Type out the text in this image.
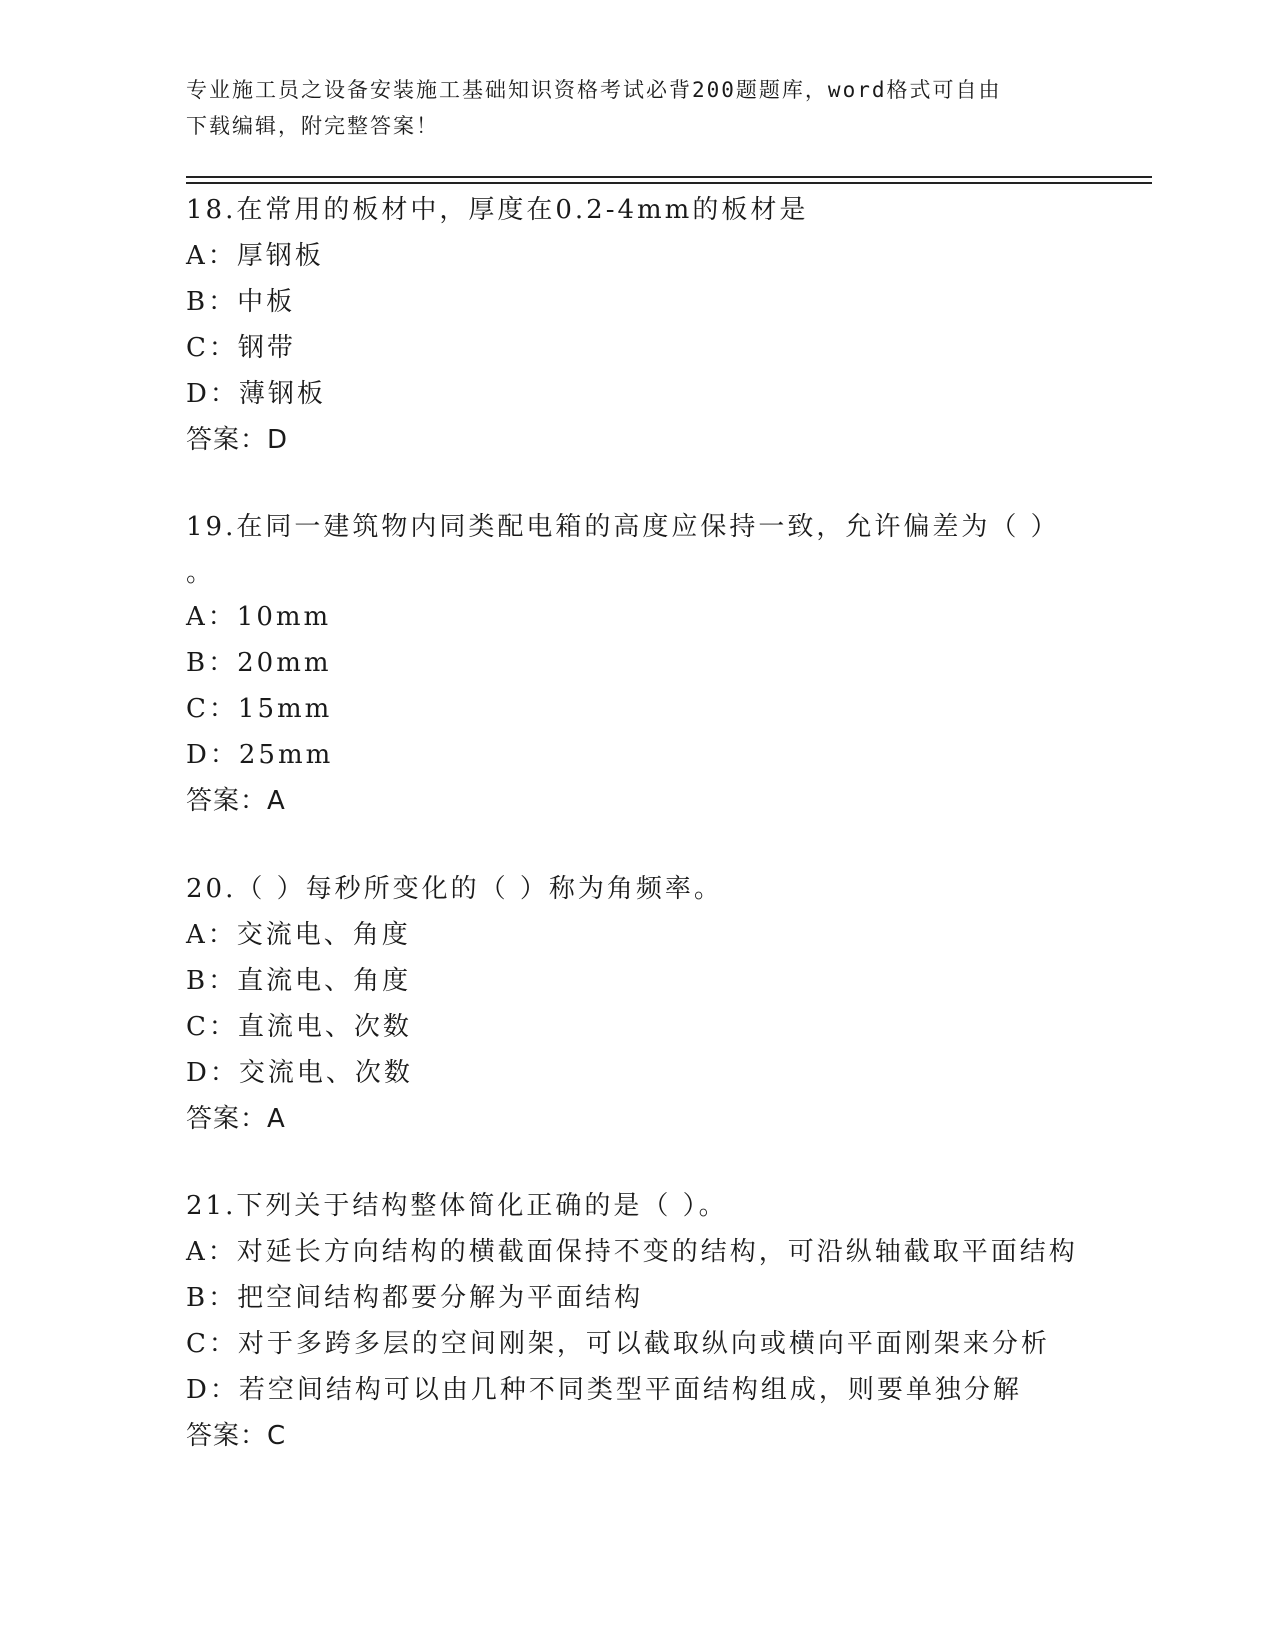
专业施工员之设备安装施工基础知识资格考试必背200题题库，word格式可自由
下载编辑，附完整答案！
18.在常用的板材中，厚度在0.2-4mm的板材是
A：厚钢板
B：中板
C：钢带
D：薄钢板
答案：D
19.在同一建筑物内同类配电箱的高度应保持一致，允许偏差为（ ）
。
A：10mm
B：20mm
C：15mm
D：25mm
答案：A
20.（ ）每秒所变化的（ ）称为角频率。
A：交流电、角度
B：直流电、角度
C：直流电、次数
D：交流电、次数
答案：A
21.下列关于结构整体简化正确的是（ ）。
A：对延长方向结构的横截面保持不变的结构，可沿纵轴截取平面结构
B：把空间结构都要分解为平面结构
C：对于多跨多层的空间刚架，可以截取纵向或横向平面刚架来分析
D：若空间结构可以由几种不同类型平面结构组成，则要单独分解
答案：C
